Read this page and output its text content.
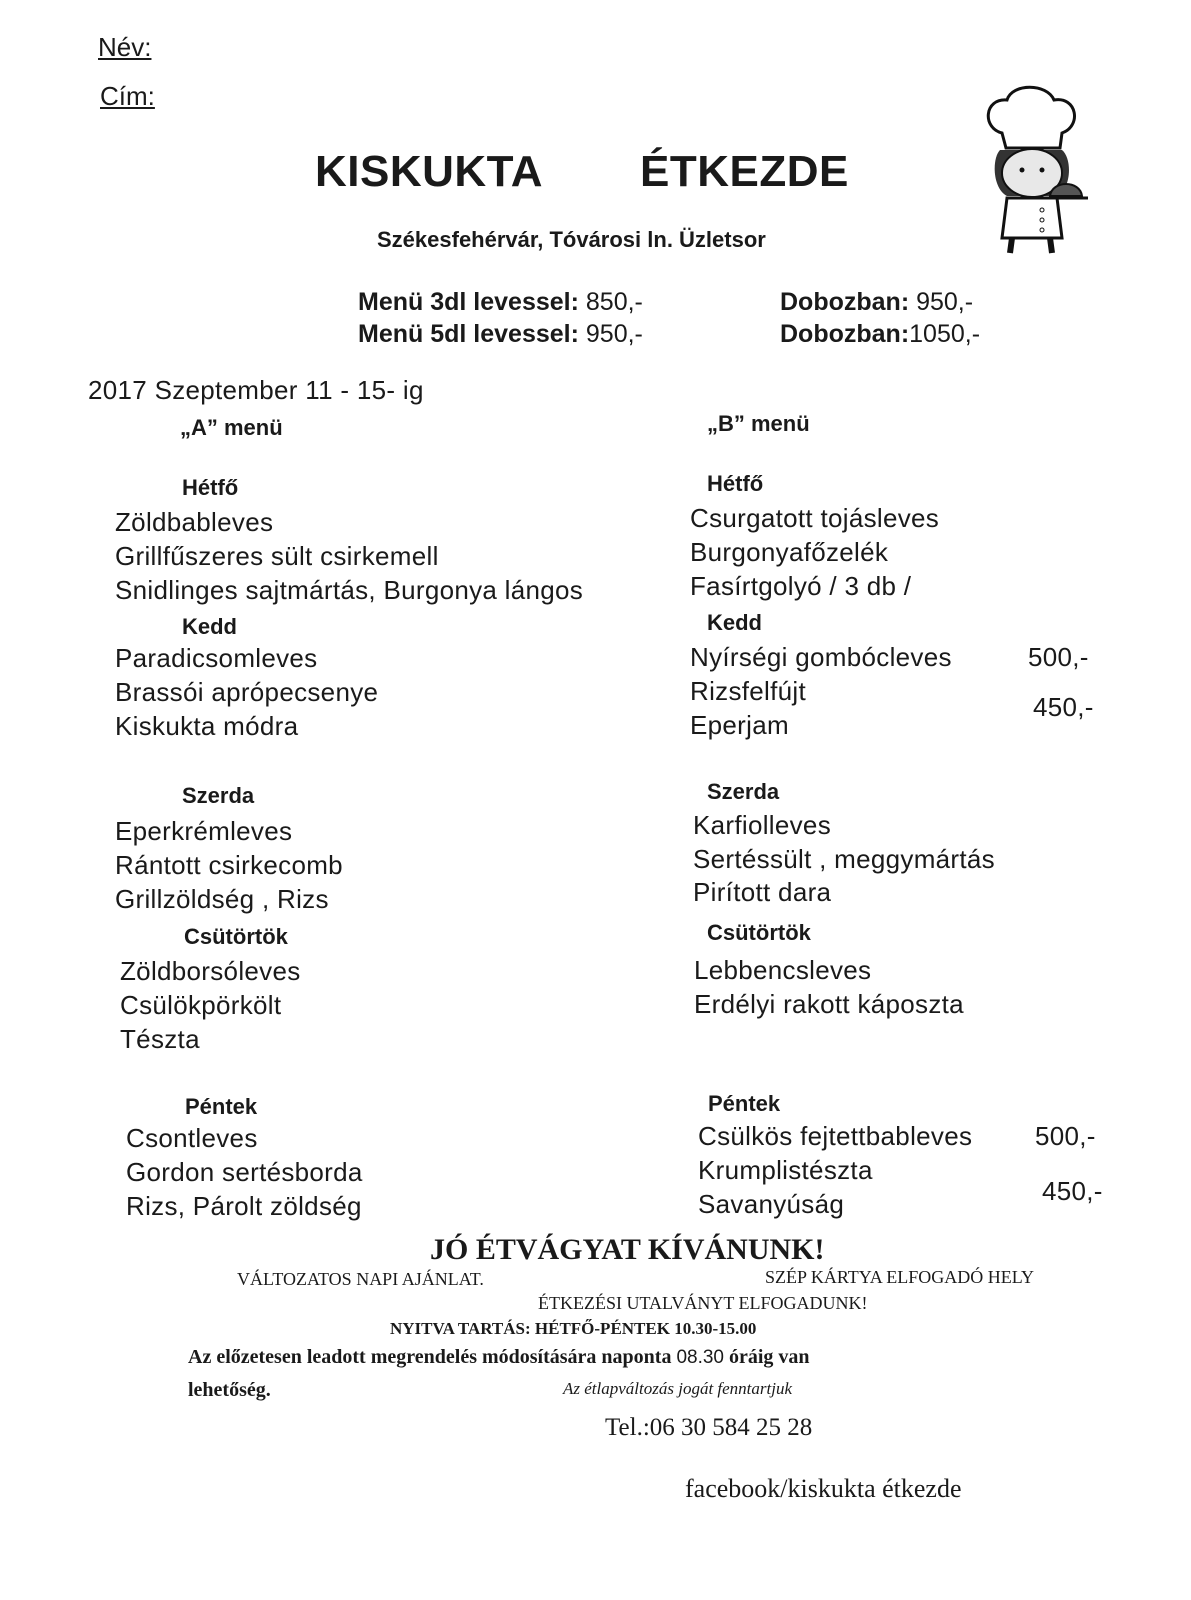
Név:
Cím:
KISKUKTA ÉTKEZDE
Székesfehérvár, Tóvárosi ln. Üzletsor
Menü 3dl levessel: 850,-	Dobozban: 950,-
Menü 5dl levessel: 950,-	Dobozban:1050,-
2017 Szeptember 11 - 15- ig
„A” menü	„B” menü
Hétfő
Zöldbableves
Grillfűszeres sült csirkemell
Snidlinges sajtmártás, Burgonya lángos
Kedd
Paradicsomleves
Brassói aprópecsenye
Kiskukta módra
Szerda
Eperkrémleves
Rántott csirkecomb
Grillzöldség , Rizs
Csütörtök
Zöldborsóleves
Csülökpörkölt
Tészta
Péntek
Csontleves
Gordon sertésborda
Rizs, Párolt zöldség
Hétfő
Csurgatott tojásleves
Burgonyafőzelék
Fasírtgolyó / 3 db /
Kedd
Nyírségi gombócleves
Rizsfelfújt
Eperjam
500,-
450,-
Szerda
Karfiolleves
Sertéssült , meggymártás
Pirított dara
Csütörtök
Lebbencsleves
Erdélyi rakott káposzta
Péntek
Csülkös fejtettbableves
Krumplistészta
Savanyúság
500,-
450,-
JÓ ÉTVÁGYAT KÍVÁNUNK!
VÁLTOZATOS NAPI AJÁNLAT.	SZÉP KÁRTYA ELFOGADÓ HELY
ÉTKEZÉSI UTALVÁNYT ELFOGADUNK!
NYITVA TARTÁS: HÉTFŐ-PÉNTEK 10.30-15.00
Az előzetesen leadott megrendelés módosítására naponta 08.30 óráig van
lehetőség.	Az étlapváltozás jogát fenntartjuk
Tel.:06 30 584 25 28
facebook/kiskukta étkezde
